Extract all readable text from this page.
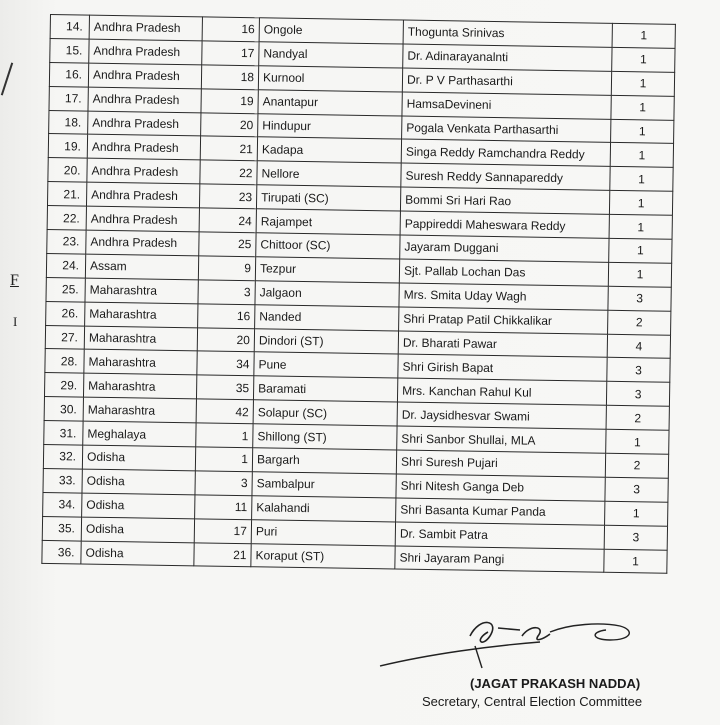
F
I
14.	Andhra Pradesh	16	Ongole	Thogunta Srinivas	1
15.	Andhra Pradesh	17	Nandyal	Dr. Adinarayanalnti	1
16.	Andhra Pradesh	18	Kurnool	Dr. P V Parthasarthi	1
17.	Andhra Pradesh	19	Anantapur	HamsaDevineni	1
18.	Andhra Pradesh	20	Hindupur	Pogala Venkata Parthasarthi	1
19.	Andhra Pradesh	21	Kadapa	Singa Reddy Ramchandra Reddy	1
20.	Andhra Pradesh	22	Nellore	Suresh Reddy Sannapareddy	1
21.	Andhra Pradesh	23	Tirupati (SC)	Bommi Sri Hari Rao	1
22.	Andhra Pradesh	24	Rajampet	Pappireddi Maheswara Reddy	1
23.	Andhra Pradesh	25	Chittoor (SC)	Jayaram Duggani	1
24.	Assam	9	Tezpur	Sjt. Pallab Lochan Das	1
25.	Maharashtra	3	Jalgaon	Mrs. Smita Uday Wagh	3
26.	Maharashtra	16	Nanded	Shri Pratap Patil Chikkalikar	2
27.	Maharashtra	20	Dindori (ST)	Dr. Bharati Pawar	4
28.	Maharashtra	34	Pune	Shri Girish Bapat	3
29.	Maharashtra	35	Baramati	Mrs. Kanchan Rahul Kul	3
30.	Maharashtra	42	Solapur (SC)	Dr. Jaysidhesvar Swami	2
31.	Meghalaya	1	Shillong (ST)	Shri Sanbor Shullai, MLA	1
32.	Odisha	1	Bargarh	Shri Suresh Pujari	2
33.	Odisha	3	Sambalpur	Shri Nitesh Ganga Deb	3
34.	Odisha	11	Kalahandi	Shri Basanta Kumar Panda	1
35.	Odisha	17	Puri	Dr. Sambit Patra	3
36.	Odisha	21	Koraput (ST)	Shri Jayaram Pangi	1
(JAGAT PRAKASH NADDA)
Secretary, Central Election Committee
